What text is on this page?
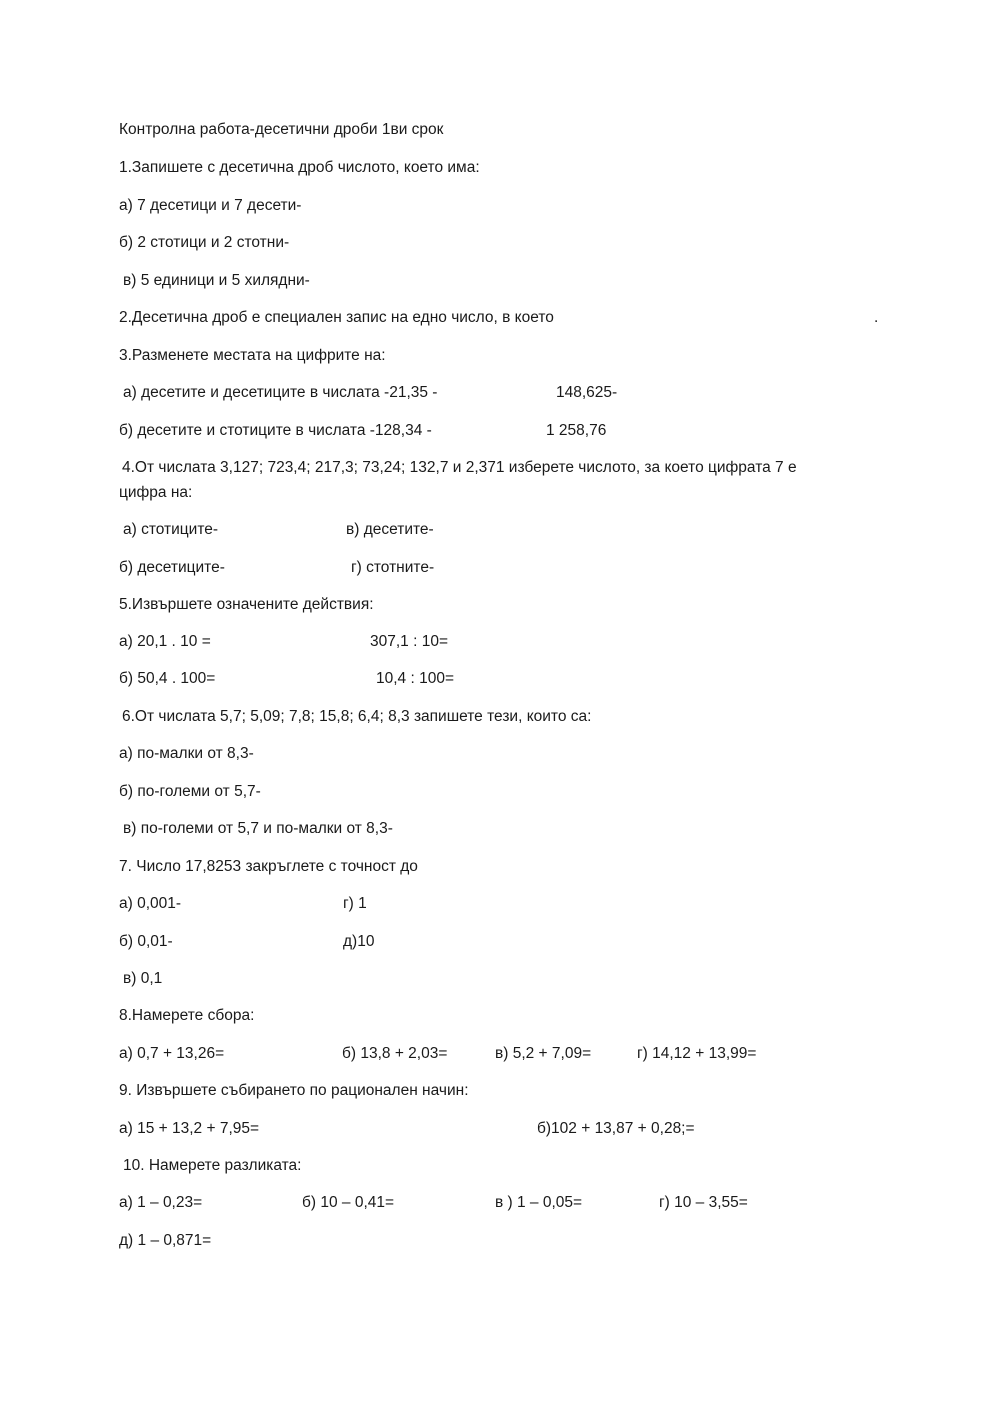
Контролна работа-десетични дроби 1ви срок
1.Запишете с десетична дроб числото, което има:
а) 7 десетици и 7 десети-
б) 2 стотици и 2 стотни-
в) 5 единици и 5 хилядни-
2.Десетична дроб е специален запис на едно число, в което	.
3.Разменете местата на цифрите на:
а) десетите и десетиците в числата -21,35 -	148,625-
б) десетите и стотиците в числата -128,34 -	1 258,76
4.От числата 3,127; 723,4; 217,3; 73,24; 132,7 и 2,371 изберете числото, за което цифрата 7 е
цифра на:
а) стотиците-	в) десетите-
б) десетиците-	г) стотните-
5.Извършете означените действия:
а) 20,1 . 10 =	307,1 : 10=
б) 50,4 . 100=	10,4 : 100=
6.От числата 5,7; 5,09; 7,8; 15,8; 6,4; 8,3 запишете тези, които са:
а) по-малки от 8,3-
б) по-големи от 5,7-
в) по-големи от 5,7 и по-малки от 8,3-
7. Число 17,8253 закръглете с точност до
а) 0,001-	г) 1
б) 0,01-	д)10
в) 0,1
8.Намерете сбора:
а) 0,7 + 13,26=	б) 13,8 + 2,03=	в) 5,2 + 7,09=	г) 14,12 + 13,99=
9. Извършете събирането по рационален начин:
а) 15 + 13,2 + 7,95=	б)102 + 13,87 + 0,28;=
10. Намерете разликата:
а) 1 – 0,23=	б) 10 – 0,41=	в ) 1 – 0,05=	г) 10 – 3,55=
д) 1 – 0,871=
